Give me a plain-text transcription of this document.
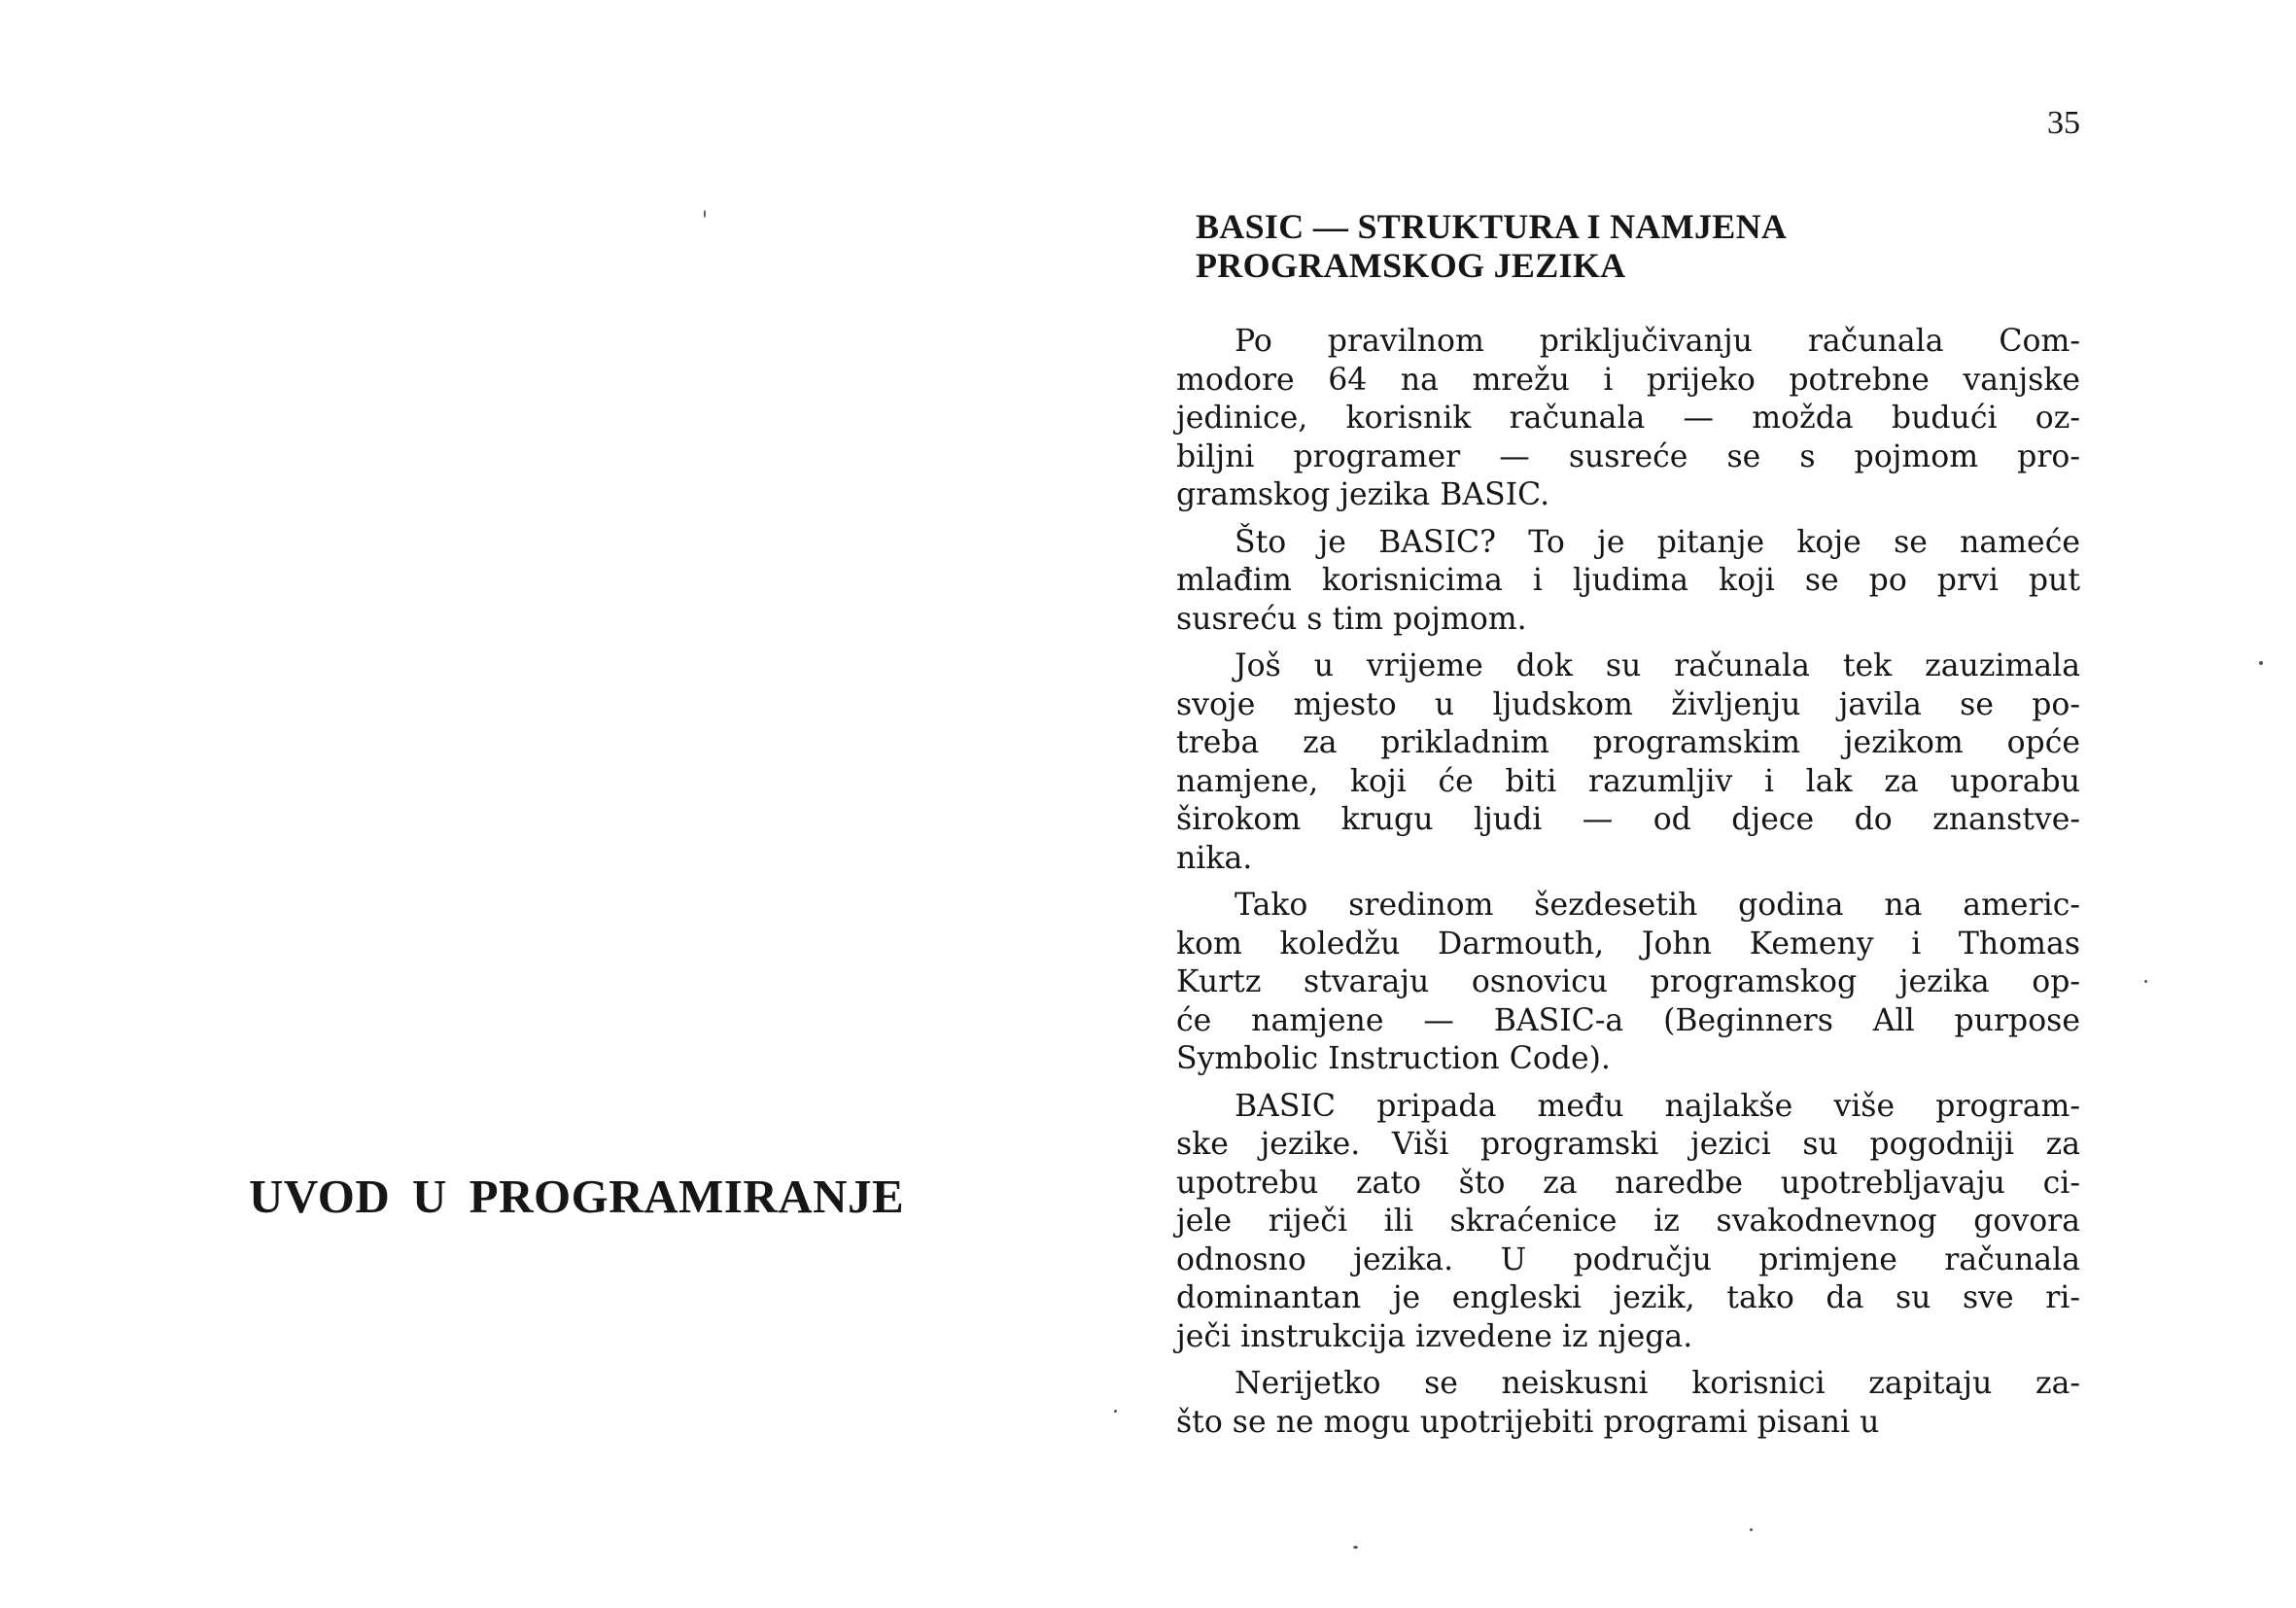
UVOD U PROGRAMIRANJE
35
BASIC — STRUKTURA I NAMJENA
PROGRAMSKOG JEZIKA

Po pravilnom priključivanju računala Com-
modore 64 na mrežu i prijeko potrebne vanjske
jedinice, korisnik računala — možda budući oz-
biljni programer — susreće se s pojmom pro-
gramskog jezika BASIC.

Što je BASIC? To je pitanje koje se nameće
mlađim korisnicima i ljudima koji se po prvi put
susreću s tim pojmom.

Još u vrijeme dok su računala tek zauzimala
svoje mjesto u ljudskom življenju javila se po-
treba za prikladnim programskim jezikom opće
namjene, koji će biti razumljiv i lak za uporabu
širokom krugu ljudi — od djece do znanstve-
nika.

Tako sredinom šezdesetih godina na americ-
kom koledžu Darmouth, John Kemeny i Thomas
Kurtz stvaraju osnovicu programskog jezika op-
će namjene — BASIC-a (Beginners All purpose
Symbolic Instruction Code).

BASIC pripada među najlakše više program-
ske jezike. Viši programski jezici su pogodniji za
upotrebu zato što za naredbe upotrebljavaju ci-
jele riječi ili skraćenice iz svakodnevnog govora
odnosno jezika. U području primjene računala
dominantan je engleski jezik, tako da su sve ri-
ječi instrukcija izvedene iz njega.

Nerijetko se neiskusni korisnici zapitaju za-
što se ne mogu upotrijebiti programi pisani u
